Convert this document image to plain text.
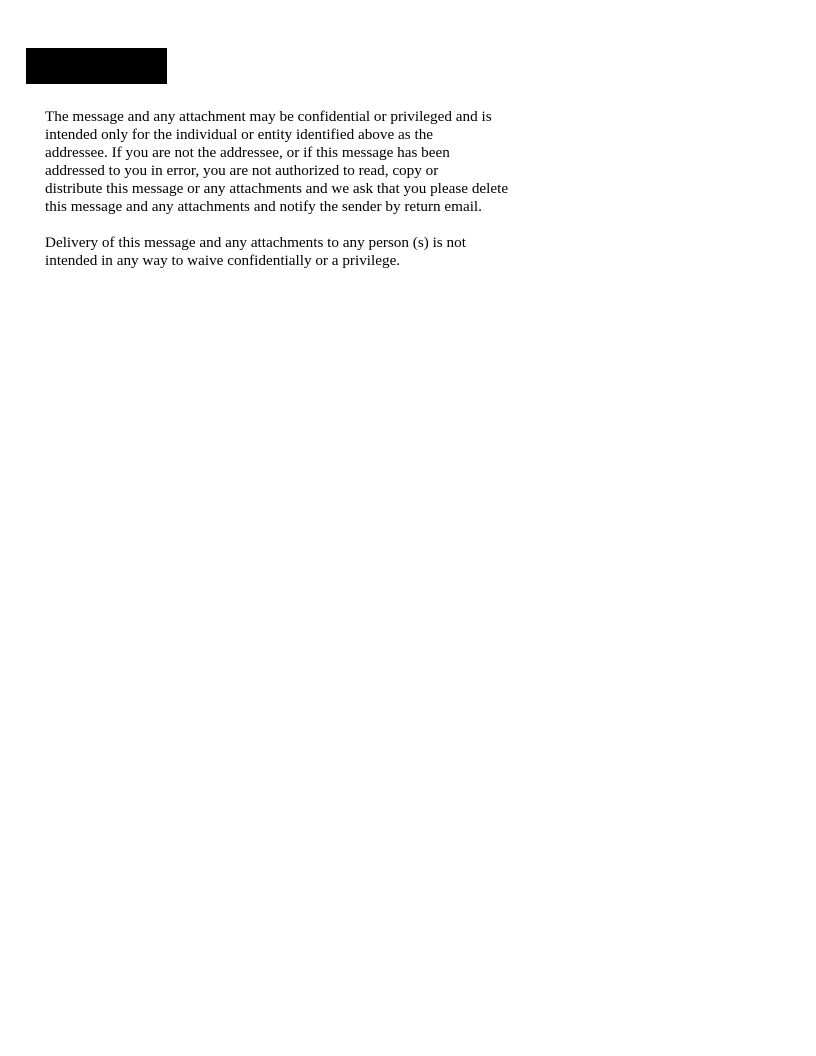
The message and any attachment may be confidential or privileged and is
intended only for the individual or entity identified above as the
addressee. If you are not the addressee, or if this message has been
addressed to you in error, you are not authorized to read, copy or
distribute this message or any attachments and we ask that you please delete
this message and any attachments and notify the sender by return email.

Delivery of this message and any attachments to any person (s) is not
intended in any way to waive confidentially or a privilege.
